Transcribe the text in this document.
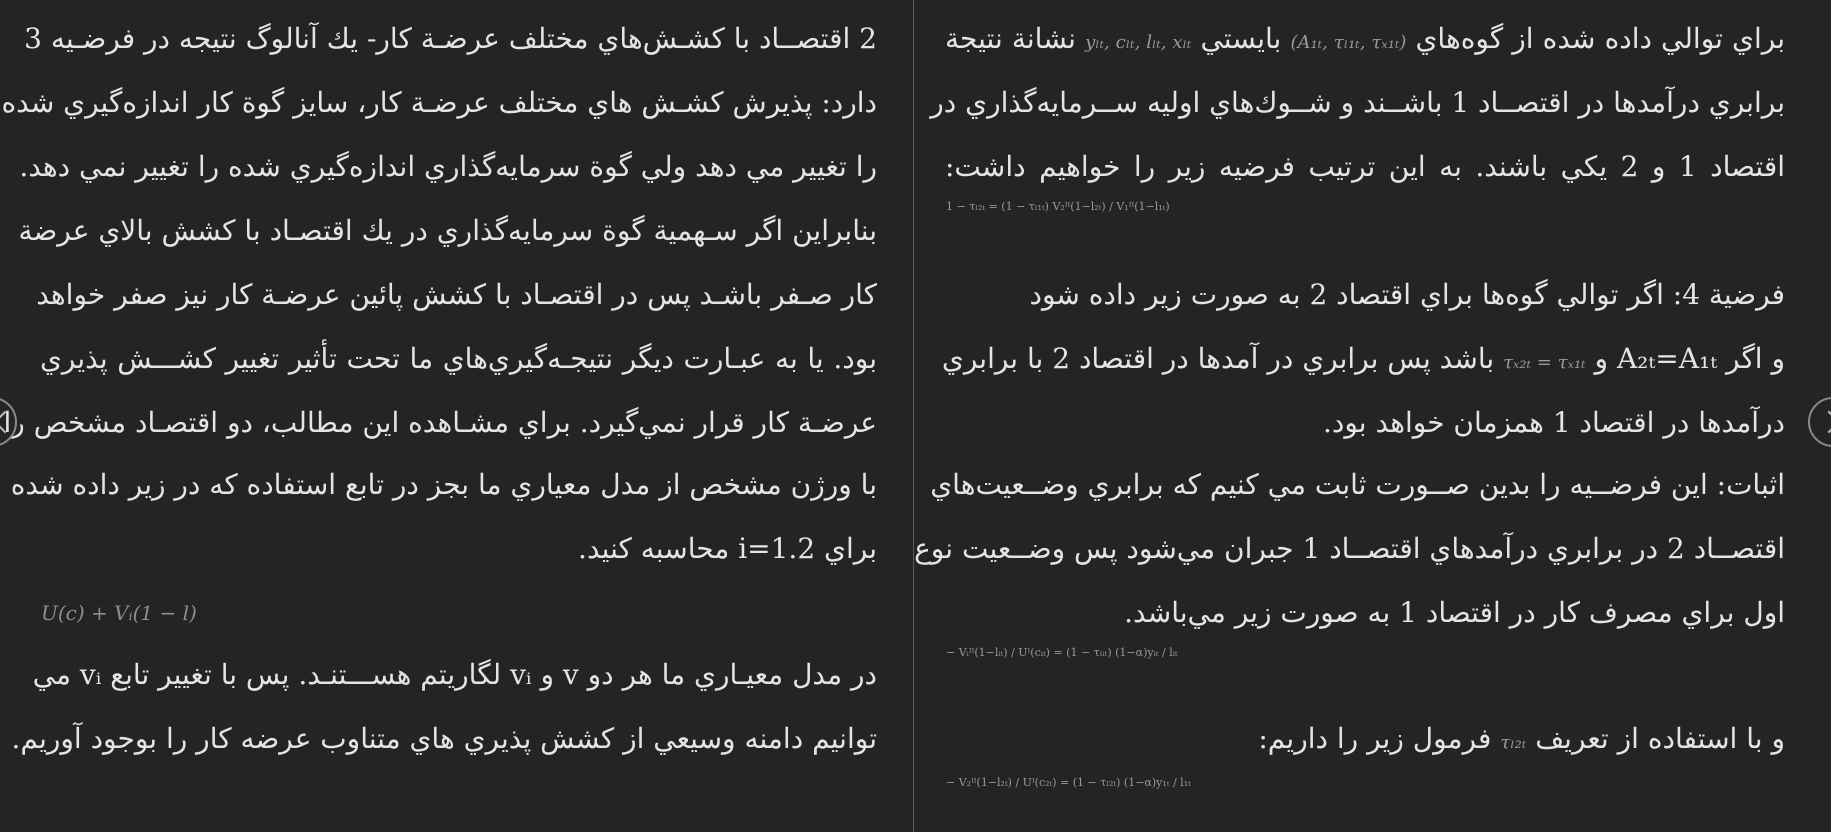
براي توالي داده شده از گوه‌هاي (A₁ₜ, τₗ₁ₜ, τₓ₁ₜ) بایستي yₗₜ, cₗₜ, lₗₜ, xₗₜ نشانة نتیجة
برابري درآمدها در اقتصــاد 1 باشــند و شــوك‌هاي اولیه ســرمایه‌گذاري در
اقتصاد 1 و 2 یكي باشند. به این ترتیب فرضیه زیر را خواهیم داشت:
1 − τₗ₂ₜ = (1 − τₗ₁ₜ) V₂ᴵᴵ(1−l₂ₜ) / V₁ᴵᴵ(1−l₁ₜ)
فرضیة 4: اگر توالي گوه‌ها براي اقتصاد 2 به صورت زیر داده شود
و اگر A₂ₜ=A₁ₜ و τₓ₂ₜ = τₓ₁ₜ باشد پس برابري در آمدها در اقتصاد 2 با برابري
درآمدها در اقتصاد 1 همزمان خواهد بود.
اثبات: این فرضــیه را بدین صــورت ثابت مي كنیم كه برابري وضــعیت‌هاي
اقتصــاد 2 در برابري درآمدهاي اقتصــاد 1 جبران مي‌شود پس وضــعیت نوع
اول براي مصرف كار در اقتصاد 1 به صورت زیر مي‌باشد.
− Vᵢᴵᴵ(1−lᵢₜ) / Uᴵ(cᵢₜ) = (1 − τₗᵢₜ) (1−α)yᵢₜ / lᵢₜ
و با استفاده از تعریف τₗ₂ₜ فرمول زیر را داریم:
− V₂ᴵᴵ(1−l₂ₜ) / Uᴵ(c₂ₜ) = (1 − τₗ₂ₜ) (1−α)y₁ₜ / l₁ₜ
2 اقتصــاد با كشـش‌هاي مختلف عرضـة كار- یك آنالوگ نتیجه در فرضـیه 3
دارد: پذیرش كشـش هاي مختلف عرضـة كار، سایز گوة كار اندازه‌گیري شده
را تغییر مي دهد ولي گوة سرمایه‌گذاري اندازه‌گیري شده را تغییر نمي دهد.
بنابراین اگر سـهمیة گوة سرمایه‌گذاري در یك اقتصـاد با كشش بالاي عرضة
كار صـفر باشـد پس در اقتصـاد با كشش پائین عرضـة كار نیز صفر خواهد
بود. یا به عبـارت دیگر نتیجـه‌گیري‌هاي ما تحت تأثیر تغییر كشـــش پذیري
عرضـة كار قرار نمي‌گیرد. براي مشـاهده این مطالب، دو اقتصـاد مشخص را
با ورژن مشخص از مدل معیاري ما بجز در تابع استفاده كه در زیر داده شده
براي i=1.2 محاسبه كنید.
U(c) + Vᵢ(1 − l)
در مدل معیـاري ما هر دو v و vᵢ لگاریتم هســـتنـد. پس با تغییر تابع vᵢ مي
توانیم دامنه وسیعي از كشش پذیري هاي متناوب عرضه كار را بوجود آوریم.
